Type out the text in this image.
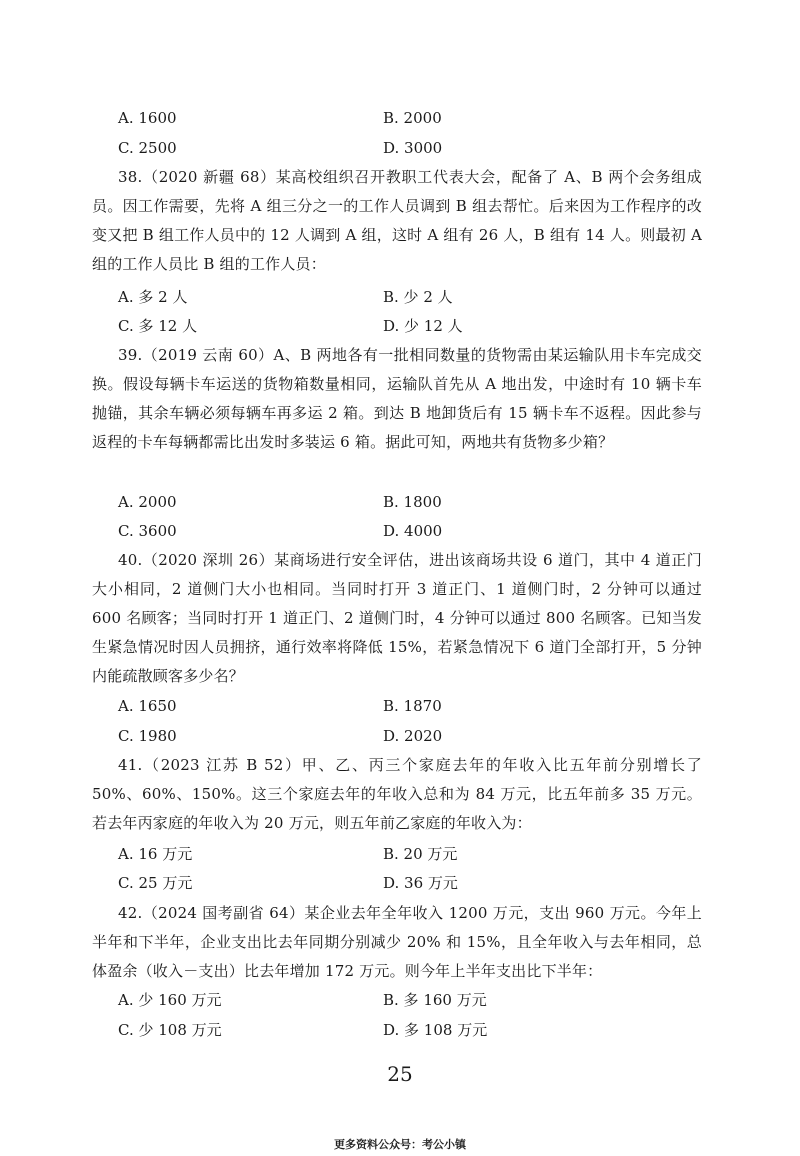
A. 1600	B. 2000
C. 2500	D. 3000
38.（2020 新疆 68）某高校组织召开教职工代表大会，配备了 A、B 两个会务组成员。因工作需要，先将 A 组三分之一的工作人员调到 B 组去帮忙。后来因为工作程序的改变又把 B 组工作人员中的 12 人调到 A 组，这时 A 组有 26 人，B 组有 14 人。则最初 A 组的工作人员比 B 组的工作人员：
A. 多 2 人	B. 少 2 人
C. 多 12 人	D. 少 12 人
39.（2019 云南 60）A、B 两地各有一批相同数量的货物需由某运输队用卡车完成交换。假设每辆卡车运送的货物箱数量相同，运输队首先从 A 地出发，中途时有 10 辆卡车抛锚，其余车辆必须每辆车再多运 2 箱。到达 B 地卸货后有 15 辆卡车不返程。因此参与返程的卡车每辆都需比出发时多装运 6 箱。据此可知，两地共有货物多少箱？
A. 2000	B. 1800
C. 3600	D. 4000
40.（2020 深圳 26）某商场进行安全评估，进出该商场共设 6 道门，其中 4 道正门大小相同，2 道侧门大小也相同。当同时打开 3 道正门、1 道侧门时，2 分钟可以通过 600 名顾客；当同时打开 1 道正门、2 道侧门时，4 分钟可以通过 800 名顾客。已知当发生紧急情况时因人员拥挤，通行效率将降低 15%，若紧急情况下 6 道门全部打开，5 分钟内能疏散顾客多少名？
A. 1650	B. 1870
C. 1980	D. 2020
41.（2023 江苏 B 52）甲、乙、丙三个家庭去年的年收入比五年前分别增长了 50%、60%、150%。这三个家庭去年的年收入总和为 84 万元，比五年前多 35 万元。若去年丙家庭的年收入为 20 万元，则五年前乙家庭的年收入为：
A. 16 万元	B. 20 万元
C. 25 万元	D. 36 万元
42.（2024 国考副省 64）某企业去年全年收入 1200 万元，支出 960 万元。今年上半年和下半年，企业支出比去年同期分别减少 20% 和 15%，且全年收入与去年相同，总体盈余（收入－支出）比去年增加 172 万元。则今年上半年支出比下半年：
A. 少 160 万元	B. 多 160 万元
C. 少 108 万元	D. 多 108 万元
25
更多资料公众号：考公小镇
